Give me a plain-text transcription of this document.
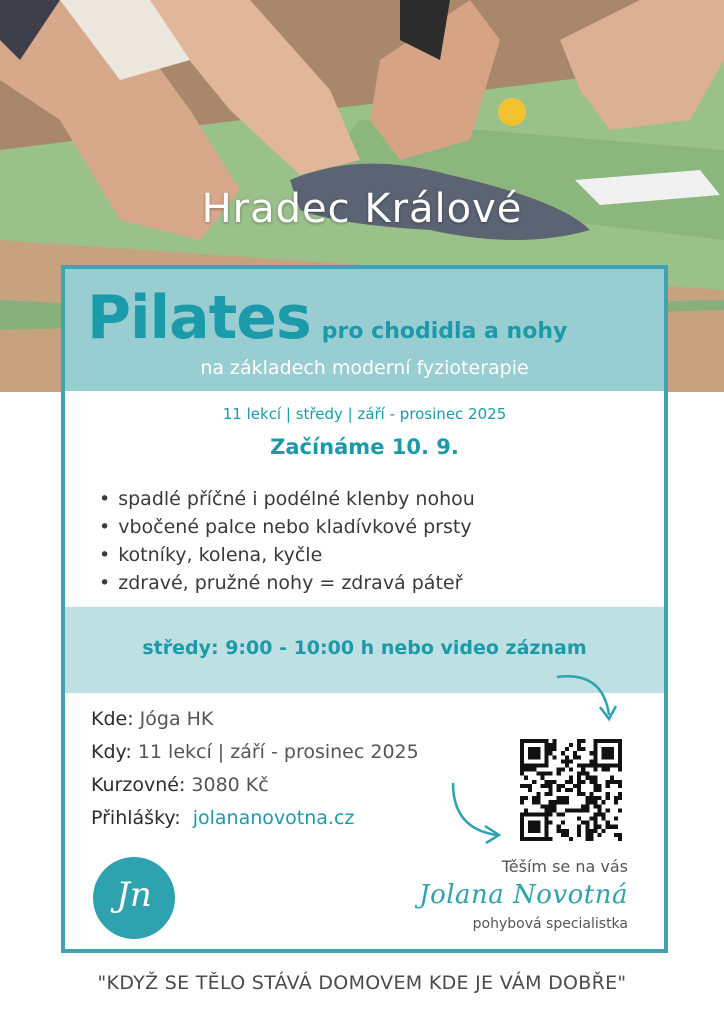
Hradec Králové
Pilates pro chodidla a nohy
na základech moderní fyzioterapie
11 lekcí | středy | září - prosinec 2025
Začínáme 10. 9.
• spadlé příčné i podélné klenby nohou
• vbočené palce nebo kladívkové prsty
• kotníky, kolena, kyčle
• zdravé, pružné nohy = zdravá páteř
středy: 9:00 - 10:00 h nebo video záznam
Kde: Jóga HK
Kdy: 11 lekcí | září - prosinec 2025
Kurzovné: 3080 Kč
Přihlášky: jolananovotna.cz
Jn
Těším se na vás
Jolana Novotná
pohybová specialistka
"KDYŽ SE TĚLO STÁVÁ DOMOVEM KDE JE VÁM DOBŘE"
